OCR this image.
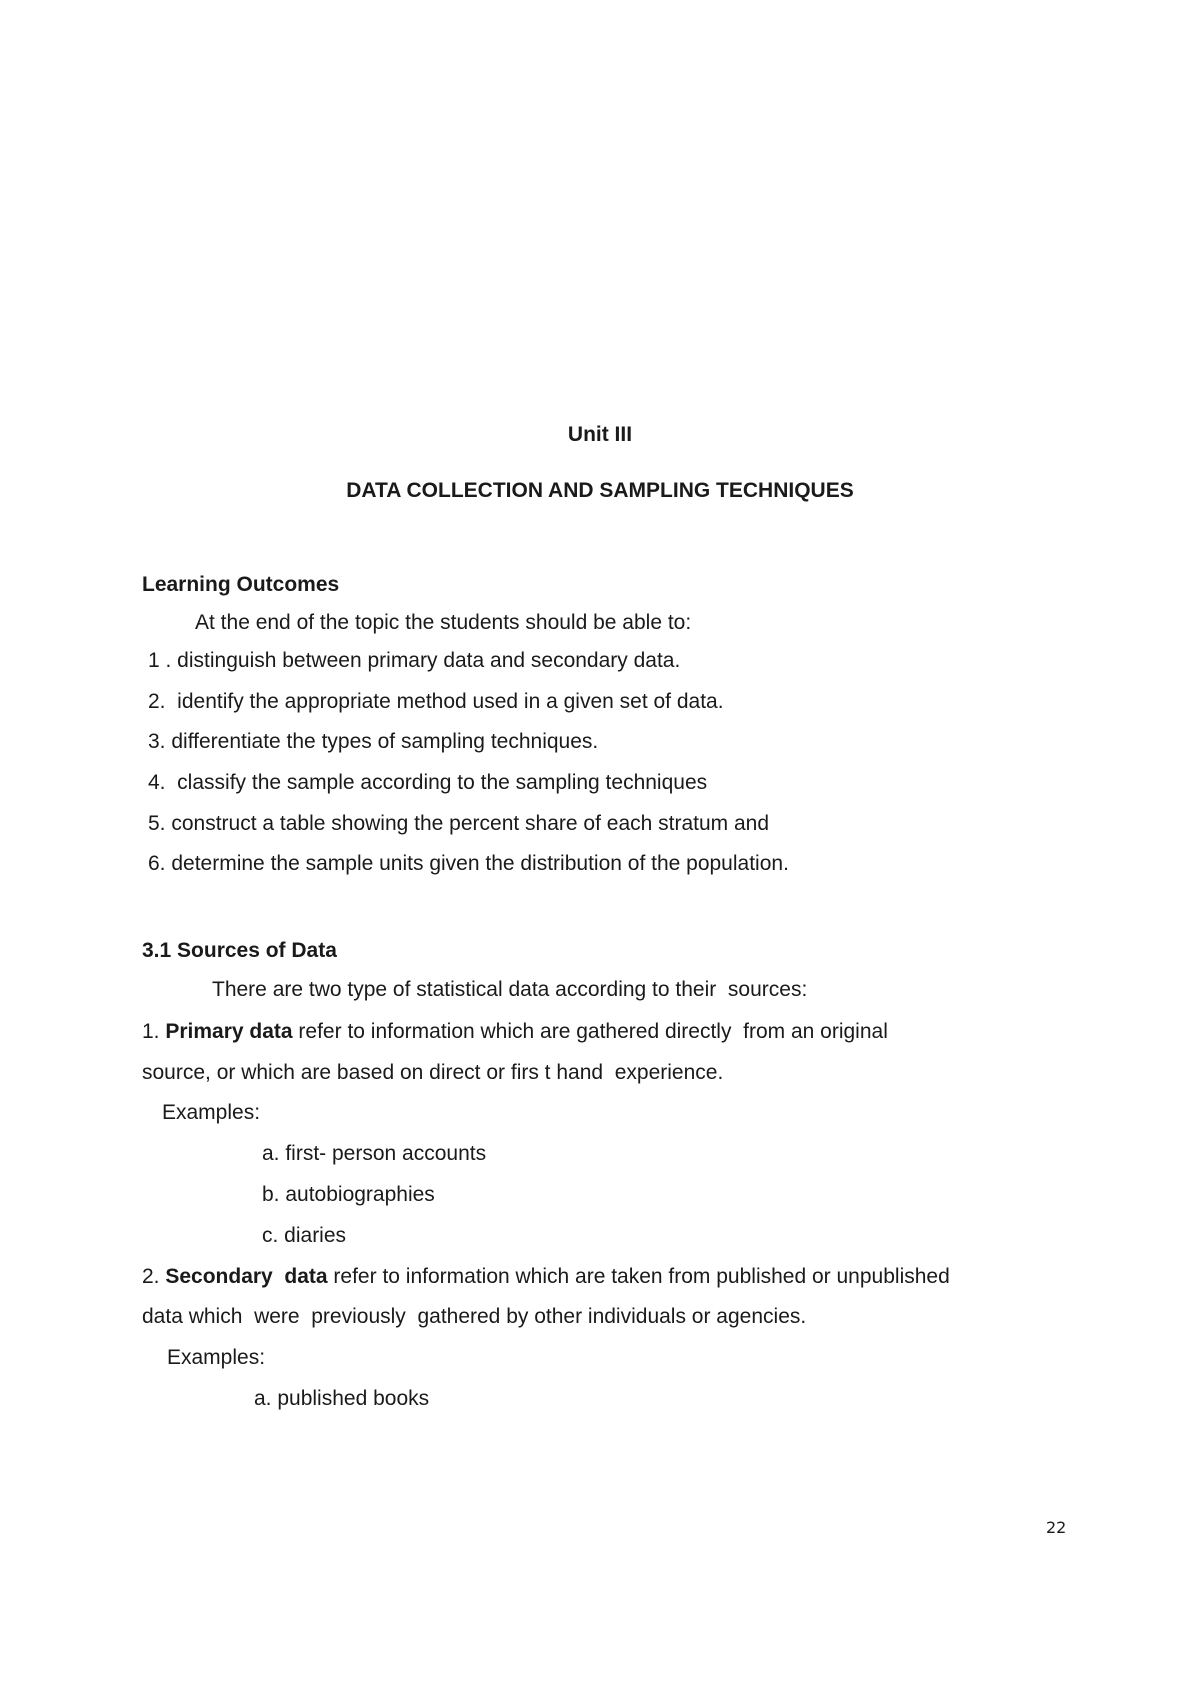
Unit III
DATA COLLECTION AND SAMPLING TECHNIQUES
Learning Outcomes
At the end of the topic the students should be able to:
1 . distinguish between primary data and secondary data.
2.  identify the appropriate method used in a given set of data.
3. differentiate the types of sampling techniques.
4.  classify the sample according to the sampling techniques
5. construct a table showing the percent share of each stratum and
6. determine the sample units given the distribution of the population.
3.1 Sources of Data
There are two type of statistical data according to their  sources:
1. Primary data refer to information which are gathered directly  from an original
source, or which are based on direct or firs t hand  experience.
Examples:
a. first- person accounts
b. autobiographies
c. diaries
2. Secondary  data refer to information which are taken from published or unpublished
data which  were  previously  gathered by other individuals or agencies.
Examples:
a. published books
22
